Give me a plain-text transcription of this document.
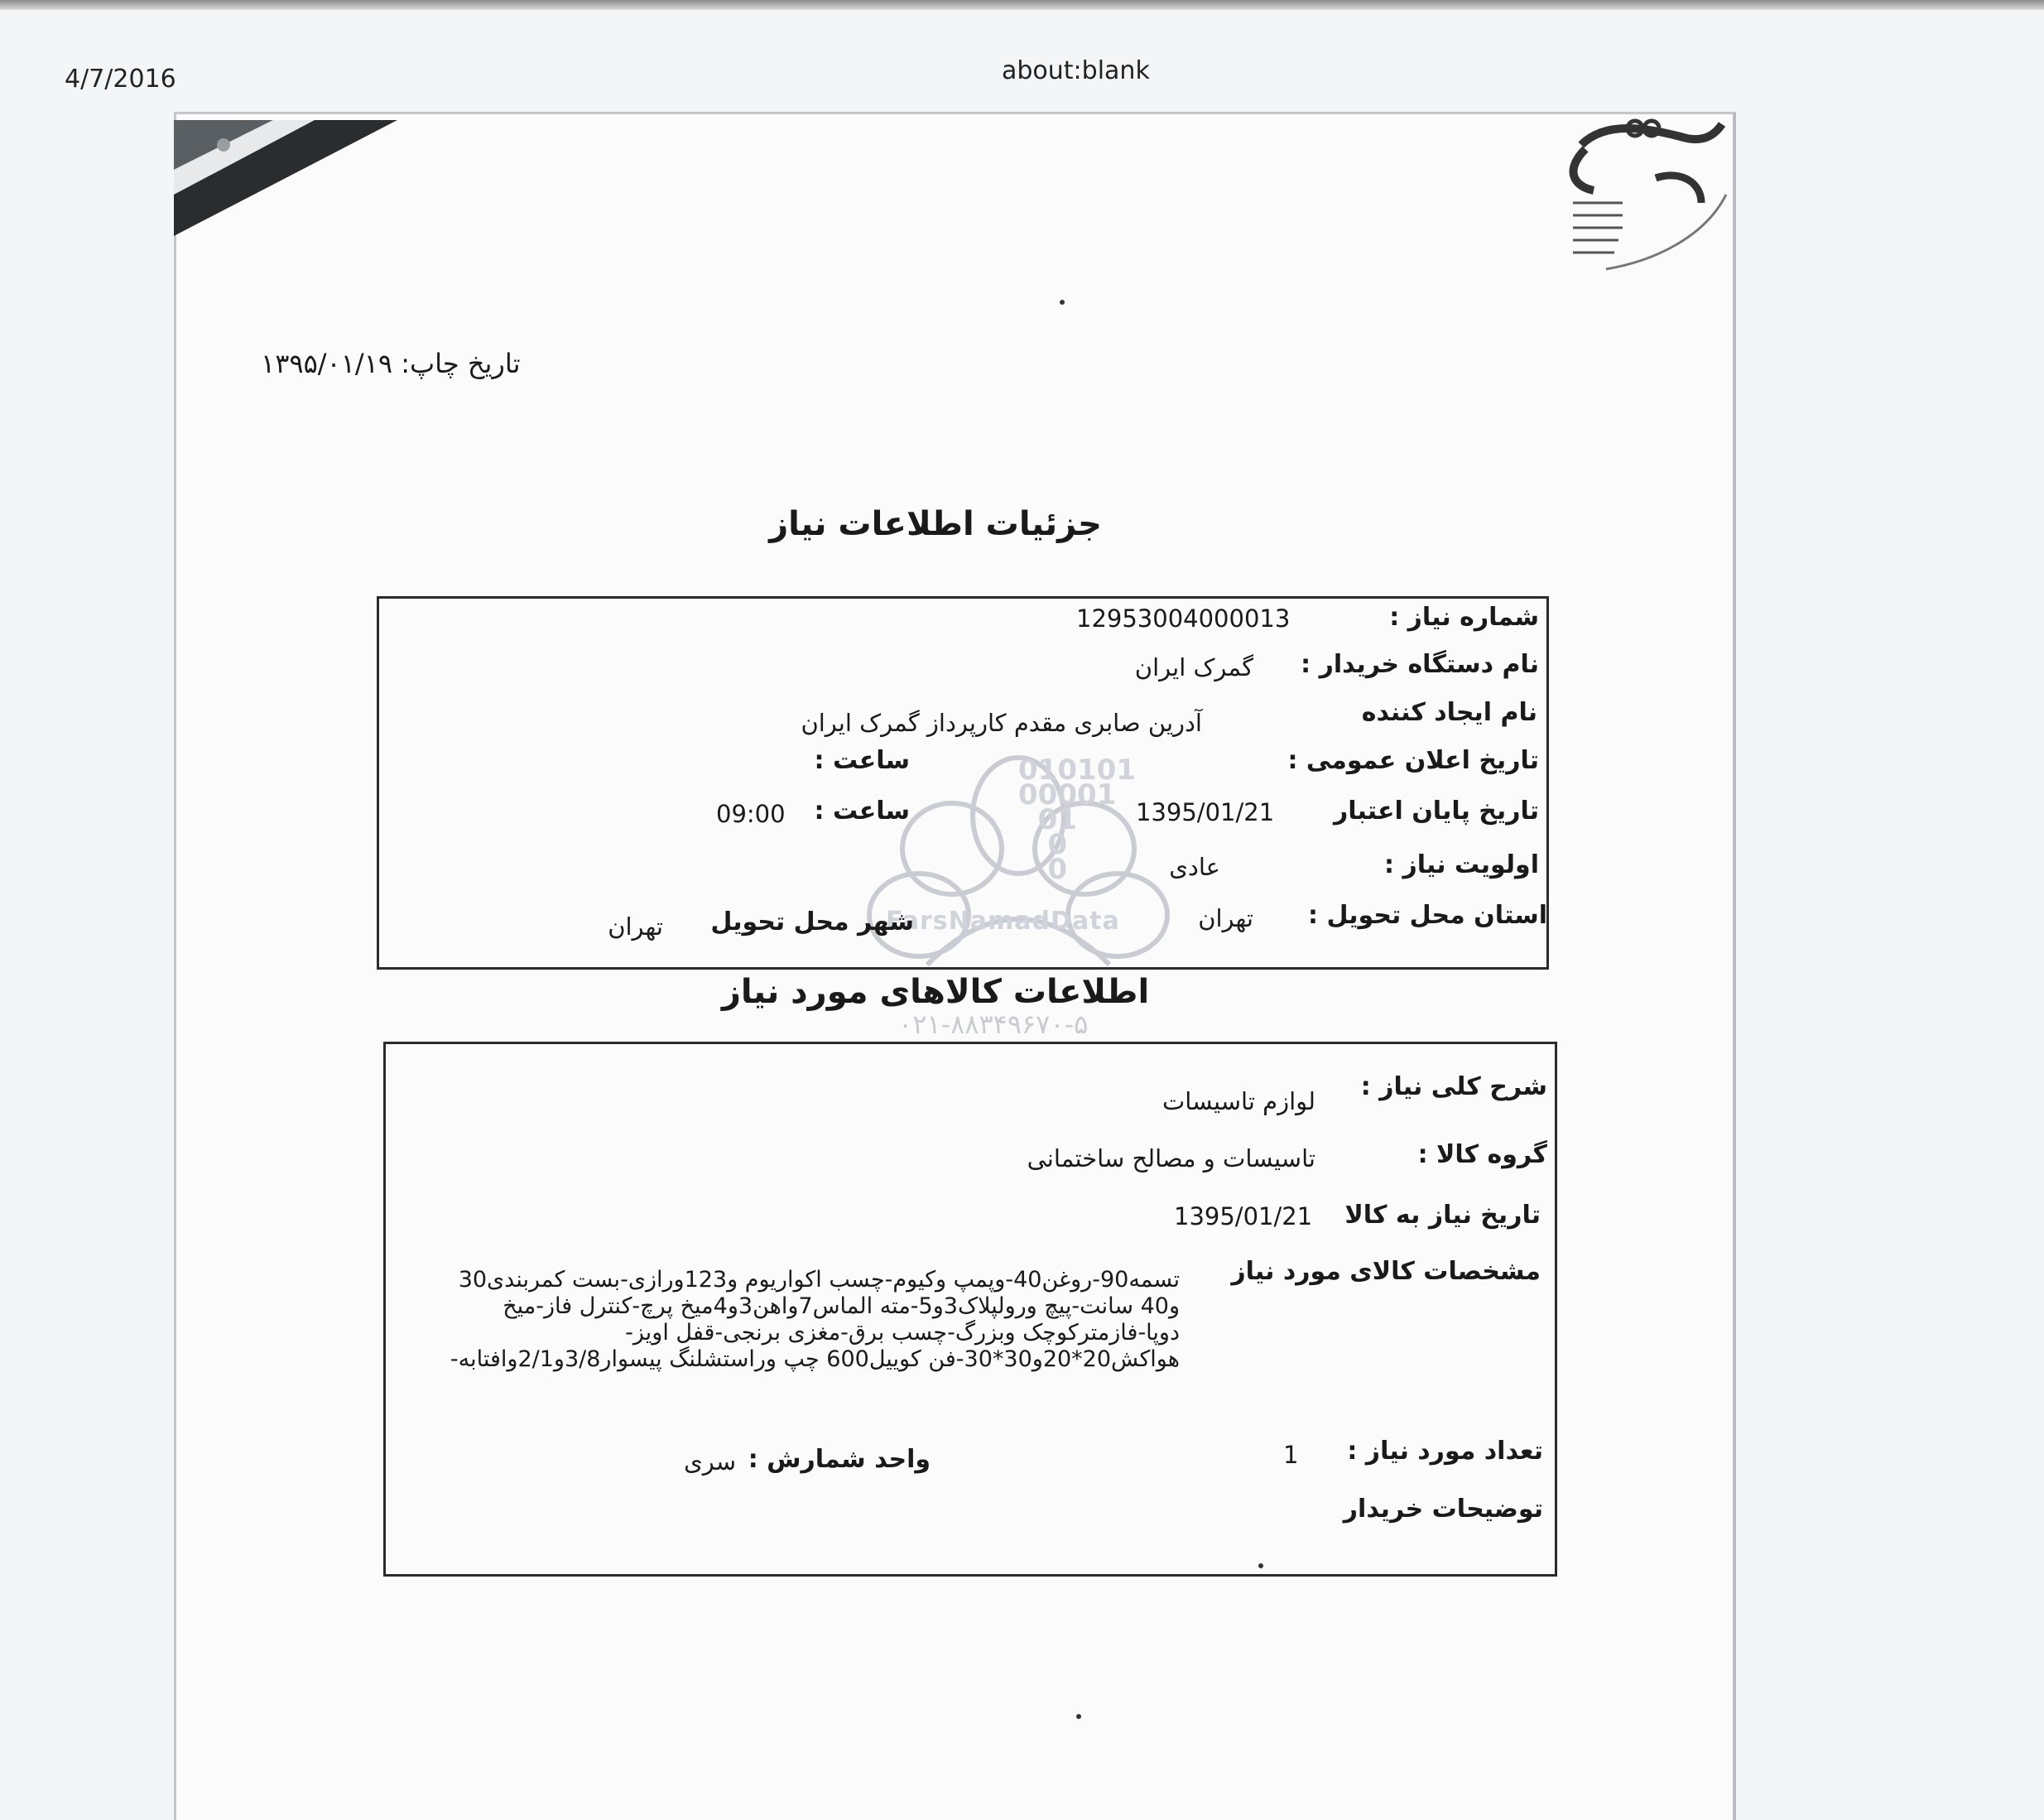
4/7/2016	about:blank
010101
00001
01
0
0
FarsNamadData
۰۲۱-۸۸۳۴۹۶۷۰-۵
تاریخ چاپ: ۱۳۹۵/۰۱/۱۹
جزئیات اطلاعات نیاز
شماره نیاز :
12953004000013
نام دستگاه خریدار :
گمرک ایران
نام ایجاد کننده
آدرین صابری مقدم کارپرداز گمرک ایران
تاریخ اعلان عمومی :
ساعت :
تاریخ پایان اعتبار
1395/01/21
ساعت :
09:00
اولویت نیاز :
عادی
استان محل تحویل :
تهران
شهر محل تحویل
تهران
اطلاعات کالاهای مورد نیاز
شرح کلی نیاز :
لوازم تاسیسات
گروه کالا :
تاسیسات و مصالح ساختمانی
تاریخ نیاز به کالا
1395/01/21
مشخصات کالای مورد نیاز
تسمه90-روغن40-وپمپ وکیوم-چسب اکواریوم و123ورازی-بست کمربندی30
و40 سانت-پیچ ورولپلاک3و5-مته الماس7واهن3و4میخ پرچ-کنترل فاز-میخ
دوپا-فازمترکوچک وبزرگ-چسب برق-مغزی برنجی-قفل اویز-
هواکش20*20و30*30-فن کوییل600 چپ وراستشلنگ پیسوار3/8و2/1وافتابه-
تعداد مورد نیاز :
1
واحد شمارش :
سری
توضیحات خریدار
